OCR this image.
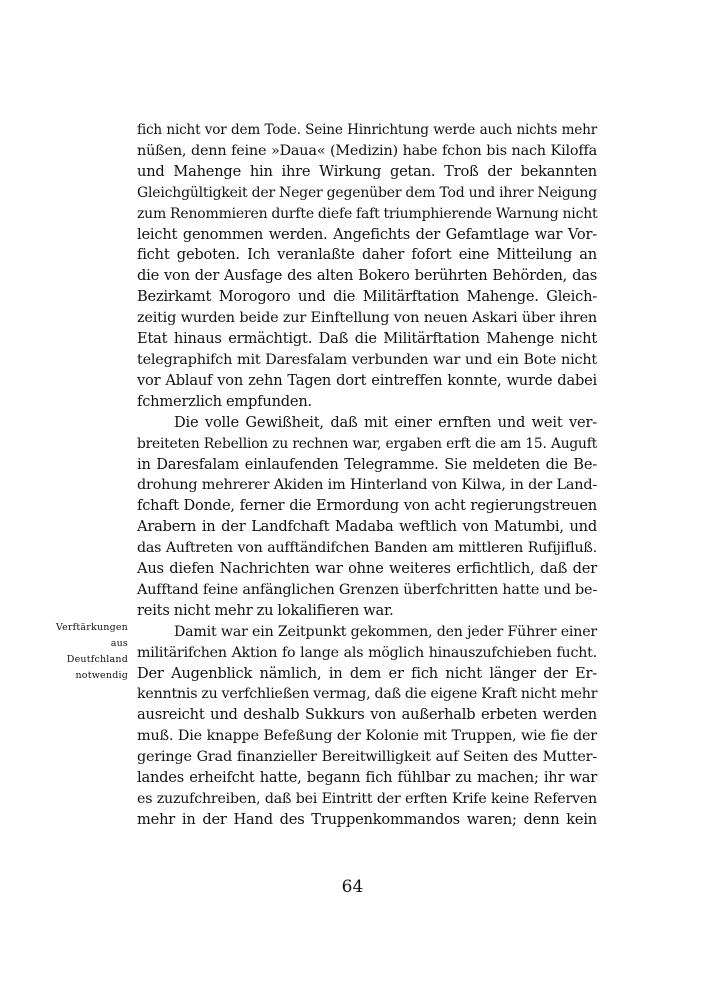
fich nicht vor dem Tode. Seine Hinrichtung werde auch nichts mehr
nüßen, denn feine »Daua« (Medizin) habe fchon bis nach Kiloffa
und Mahenge hin ihre Wirkung getan. Troß der bekannten
Gleichgültigkeit der Neger gegenüber dem Tod und ihrer Neigung
zum Renommieren durfte diefe faft triumphierende Warnung nicht
leicht genommen werden. Angefichts der Gefamtlage war Vor-
ficht geboten. Ich veranlaßte daher fofort eine Mitteilung an
die von der Ausfage des alten Bokero berührten Behörden, das
Bezirkamt Morogoro und die Militärftation Mahenge. Gleich-
zeitig wurden beide zur Einftellung von neuen Askari über ihren
Etat hinaus ermächtigt. Daß die Militärftation Mahenge nicht
telegraphifch mit Daresfalam verbunden war und ein Bote nicht
vor Ablauf von zehn Tagen dort eintreffen konnte, wurde dabei
fchmerzlich empfunden.
Die volle Gewißheit, daß mit einer ernften und weit ver-
breiteten Rebellion zu rechnen war, ergaben erft die am 15. Auguft
in Daresfalam einlaufenden Telegramme. Sie meldeten die Be-
drohung mehrerer Akiden im Hinterland von Kilwa, in der Land-
fchaft Donde, ferner die Ermordung von acht regierungstreuen
Arabern in der Landfchaft Madaba weftlich von Matumbi, und
das Auftreten von aufftändifchen Banden am mittleren Rufijifluß.
Aus diefen Nachrichten war ohne weiteres erfichtlich, daß der
Aufftand feine anfänglichen Grenzen überfchritten hatte und be-
reits nicht mehr zu lokalifieren war.
Damit war ein Zeitpunkt gekommen, den jeder Führer einer
militärifchen Aktion fo lange als möglich hinauszufchieben fucht.
Der Augenblick nämlich, in dem er fich nicht länger der Er-
kenntnis zu verfchließen vermag, daß die eigene Kraft nicht mehr
ausreicht und deshalb Sukkurs von außerhalb erbeten werden
muß. Die knappe Befeßung der Kolonie mit Truppen, wie fie der
geringe Grad finanzieller Bereitwilligkeit auf Seiten des Mutter-
landes erheifcht hatte, begann fich fühlbar zu machen; ihr war
es zuzufchreiben, daß bei Eintritt der erften Krife keine Referven
mehr in der Hand des Truppenkommandos waren; denn kein
Verftärkungen
aus
Deutfchland
notwendig
64
